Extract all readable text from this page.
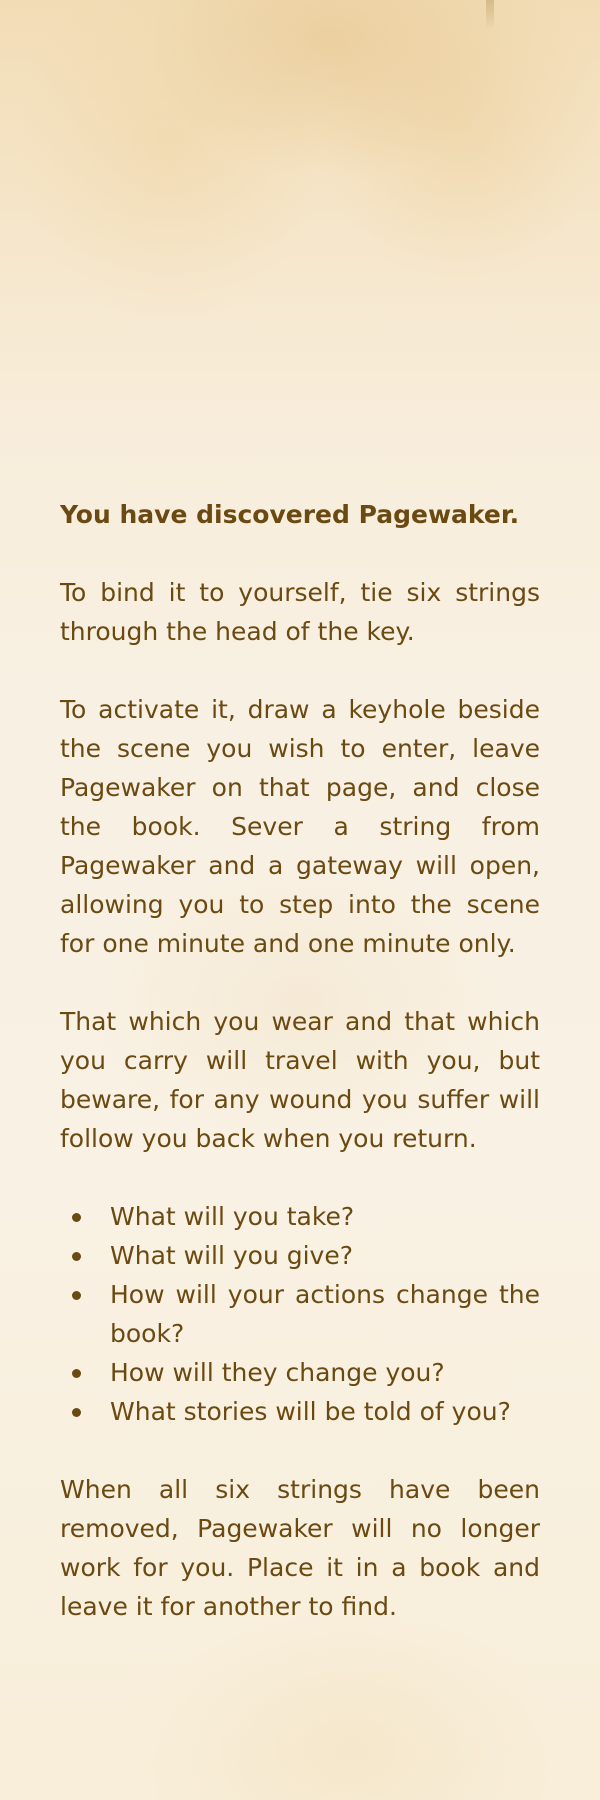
You have discovered Pagewaker.

To bind it to yourself, tie six strings through the head of the key.

To activate it, draw a keyhole beside the scene you wish to enter, leave Pagewaker on that page, and close the book. Sever a string from Pagewaker and a gateway will open, allowing you to step into the scene for one minute and one minute only.

That which you wear and that which you carry will travel with you, but beware, for any wound you suffer will follow you back when you return.

What will you take?
What will you give?
How will your actions change the book?
How will they change you?
What stories will be told of you?

When all six strings have been removed, Pagewaker will no longer work for you. Place it in a book and leave it for another to find.
